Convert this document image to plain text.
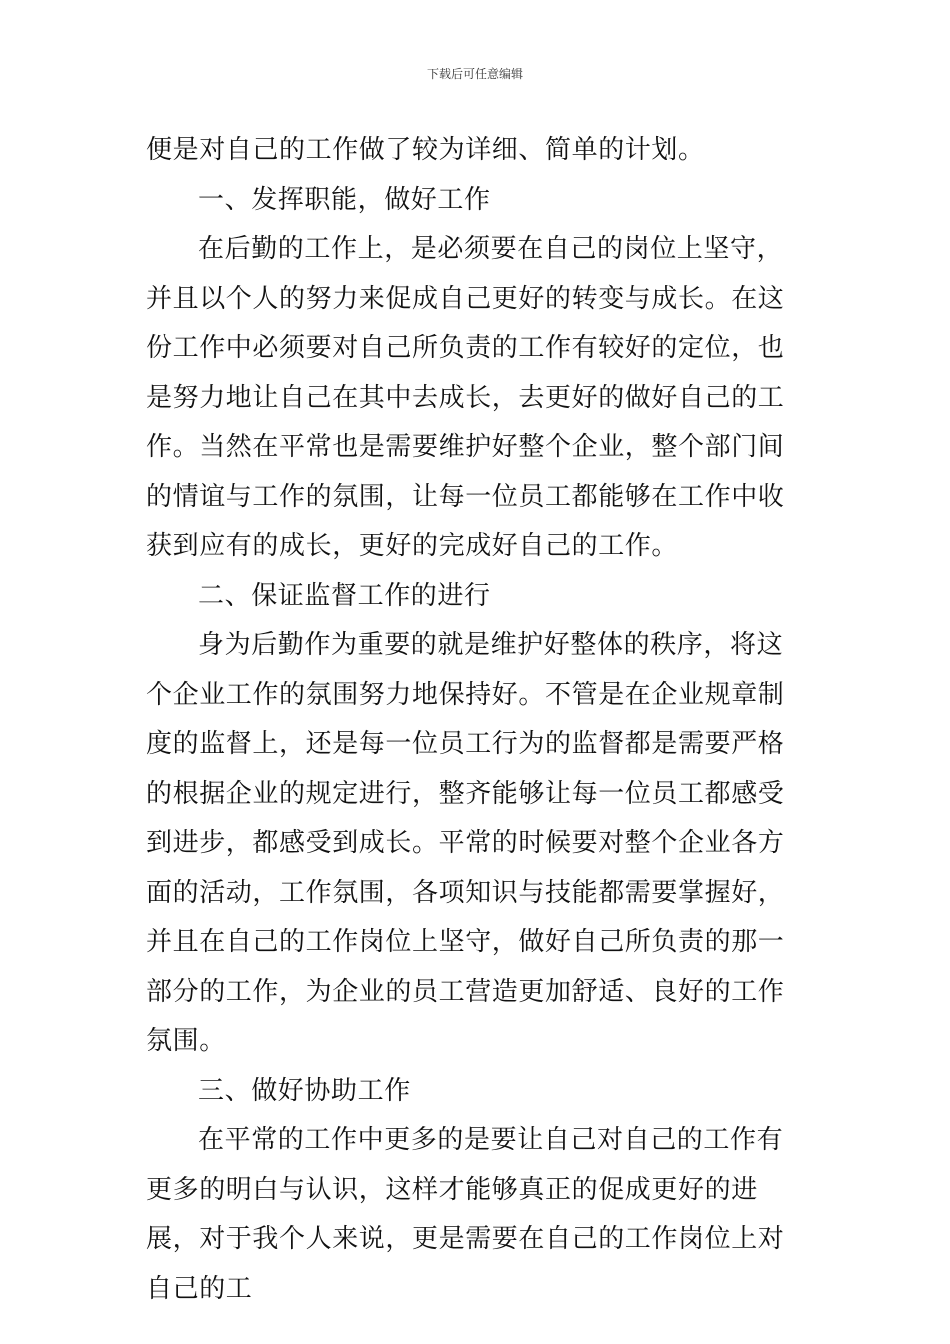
下载后可任意编辑

便是对自己的工作做了较为详细、简单的计划。

一、发挥职能，做好工作

在后勤的工作上，是必须要在自己的岗位上坚守，并且以个人的努力来促成自己更好的转变与成长。在这份工作中必须要对自己所负责的工作有较好的定位，也是努力地让自己在其中去成长，去更好的做好自己的工作。当然在平常也是需要维护好整个企业，整个部门间的情谊与工作的氛围，让每一位员工都能够在工作中收获到应有的成长，更好的完成好自己的工作。

二、保证监督工作的进行

身为后勤作为重要的就是维护好整体的秩序，将这个企业工作的氛围努力地保持好。不管是在企业规章制度的监督上，还是每一位员工行为的监督都是需要严格的根据企业的规定进行，整齐能够让每一位员工都感受到进步，都感受到成长。平常的时候要对整个企业各方面的活动，工作氛围，各项知识与技能都需要掌握好，并且在自己的工作岗位上坚守，做好自己所负责的那一部分的工作，为企业的员工营造更加舒适、良好的工作氛围。

三、做好协助工作

在平常的工作中更多的是要让自己对自己的工作有更多的明白与认识，这样才能够真正的促成更好的进展，对于我个人来说，更是需要在自己的工作岗位上对自己的工
